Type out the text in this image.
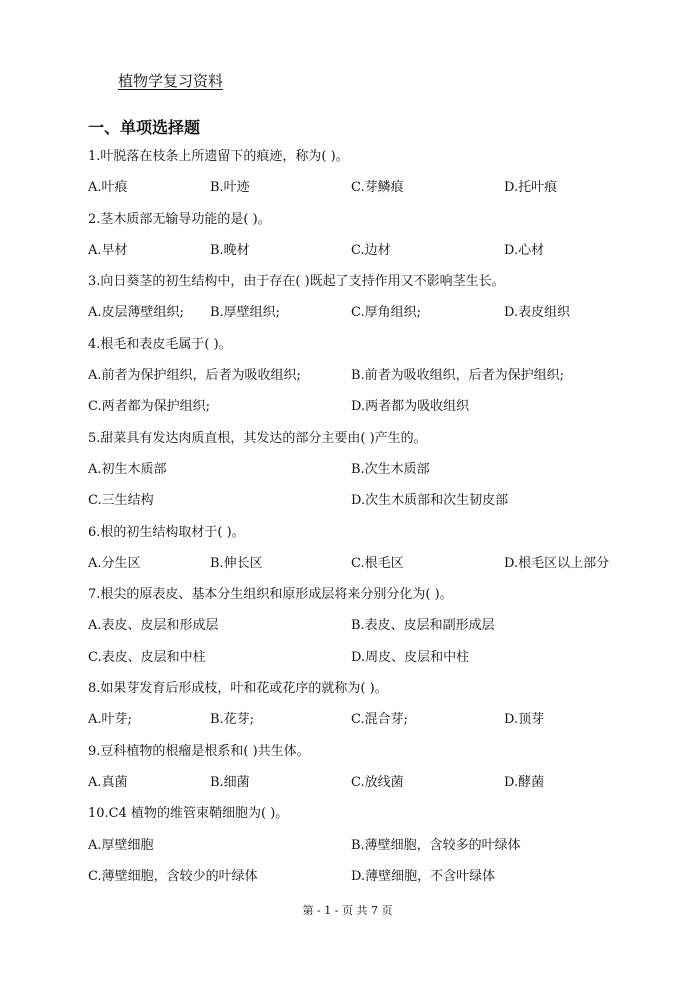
植物学复习资料
一、单项选择题
1.叶脱落在枝条上所遗留下的痕迹，称为( )。
A.叶痕	B.叶迹	C.芽鳞痕	D.托叶痕
2.茎木质部无输导功能的是( )。
A.早材	B.晚材	C.边材	D.心材
3.向日葵茎的初生结构中，由于存在( )既起了支持作用又不影响茎生长。
A.皮层薄壁组织; B.厚壁组织;	C.厚角组织;	D.表皮组织
4.根毛和表皮毛属于( )。
A.前者为保护组织，后者为吸收组织;	B.前者为吸收组织，后者为保护组织;
C.两者都为保护组织;	D.两者都为吸收组织
5.甜菜具有发达肉质直根，其发达的部分主要由( )产生的。
A.初生木质部	B.次生木质部
C.三生结构	D.次生木质部和次生韧皮部
6.根的初生结构取材于( )。
A.分生区	B.伸长区	C.根毛区	D.根毛区以上部分
7.根尖的原表皮、基本分生组织和原形成层将来分别分化为( )。
A.表皮、皮层和形成层	B.表皮、皮层和副形成层
C.表皮、皮层和中柱	D.周皮、皮层和中柱
8.如果芽发育后形成枝，叶和花或花序的就称为( )。
A.叶芽;	B.花芽;	C.混合芽;	D.顶芽
9.豆科植物的根瘤是根系和( )共生体。
A.真菌	B.细菌	C.放线菌	D.酵菌
10.C4 植物的维管束鞘细胞为( )。
A.厚壁细胞	B.薄壁细胞，含较多的叶绿体
C.薄壁细胞，含较少的叶绿体	D.薄壁细胞，不含叶绿体
第 - 1 - 页 共 7 页
